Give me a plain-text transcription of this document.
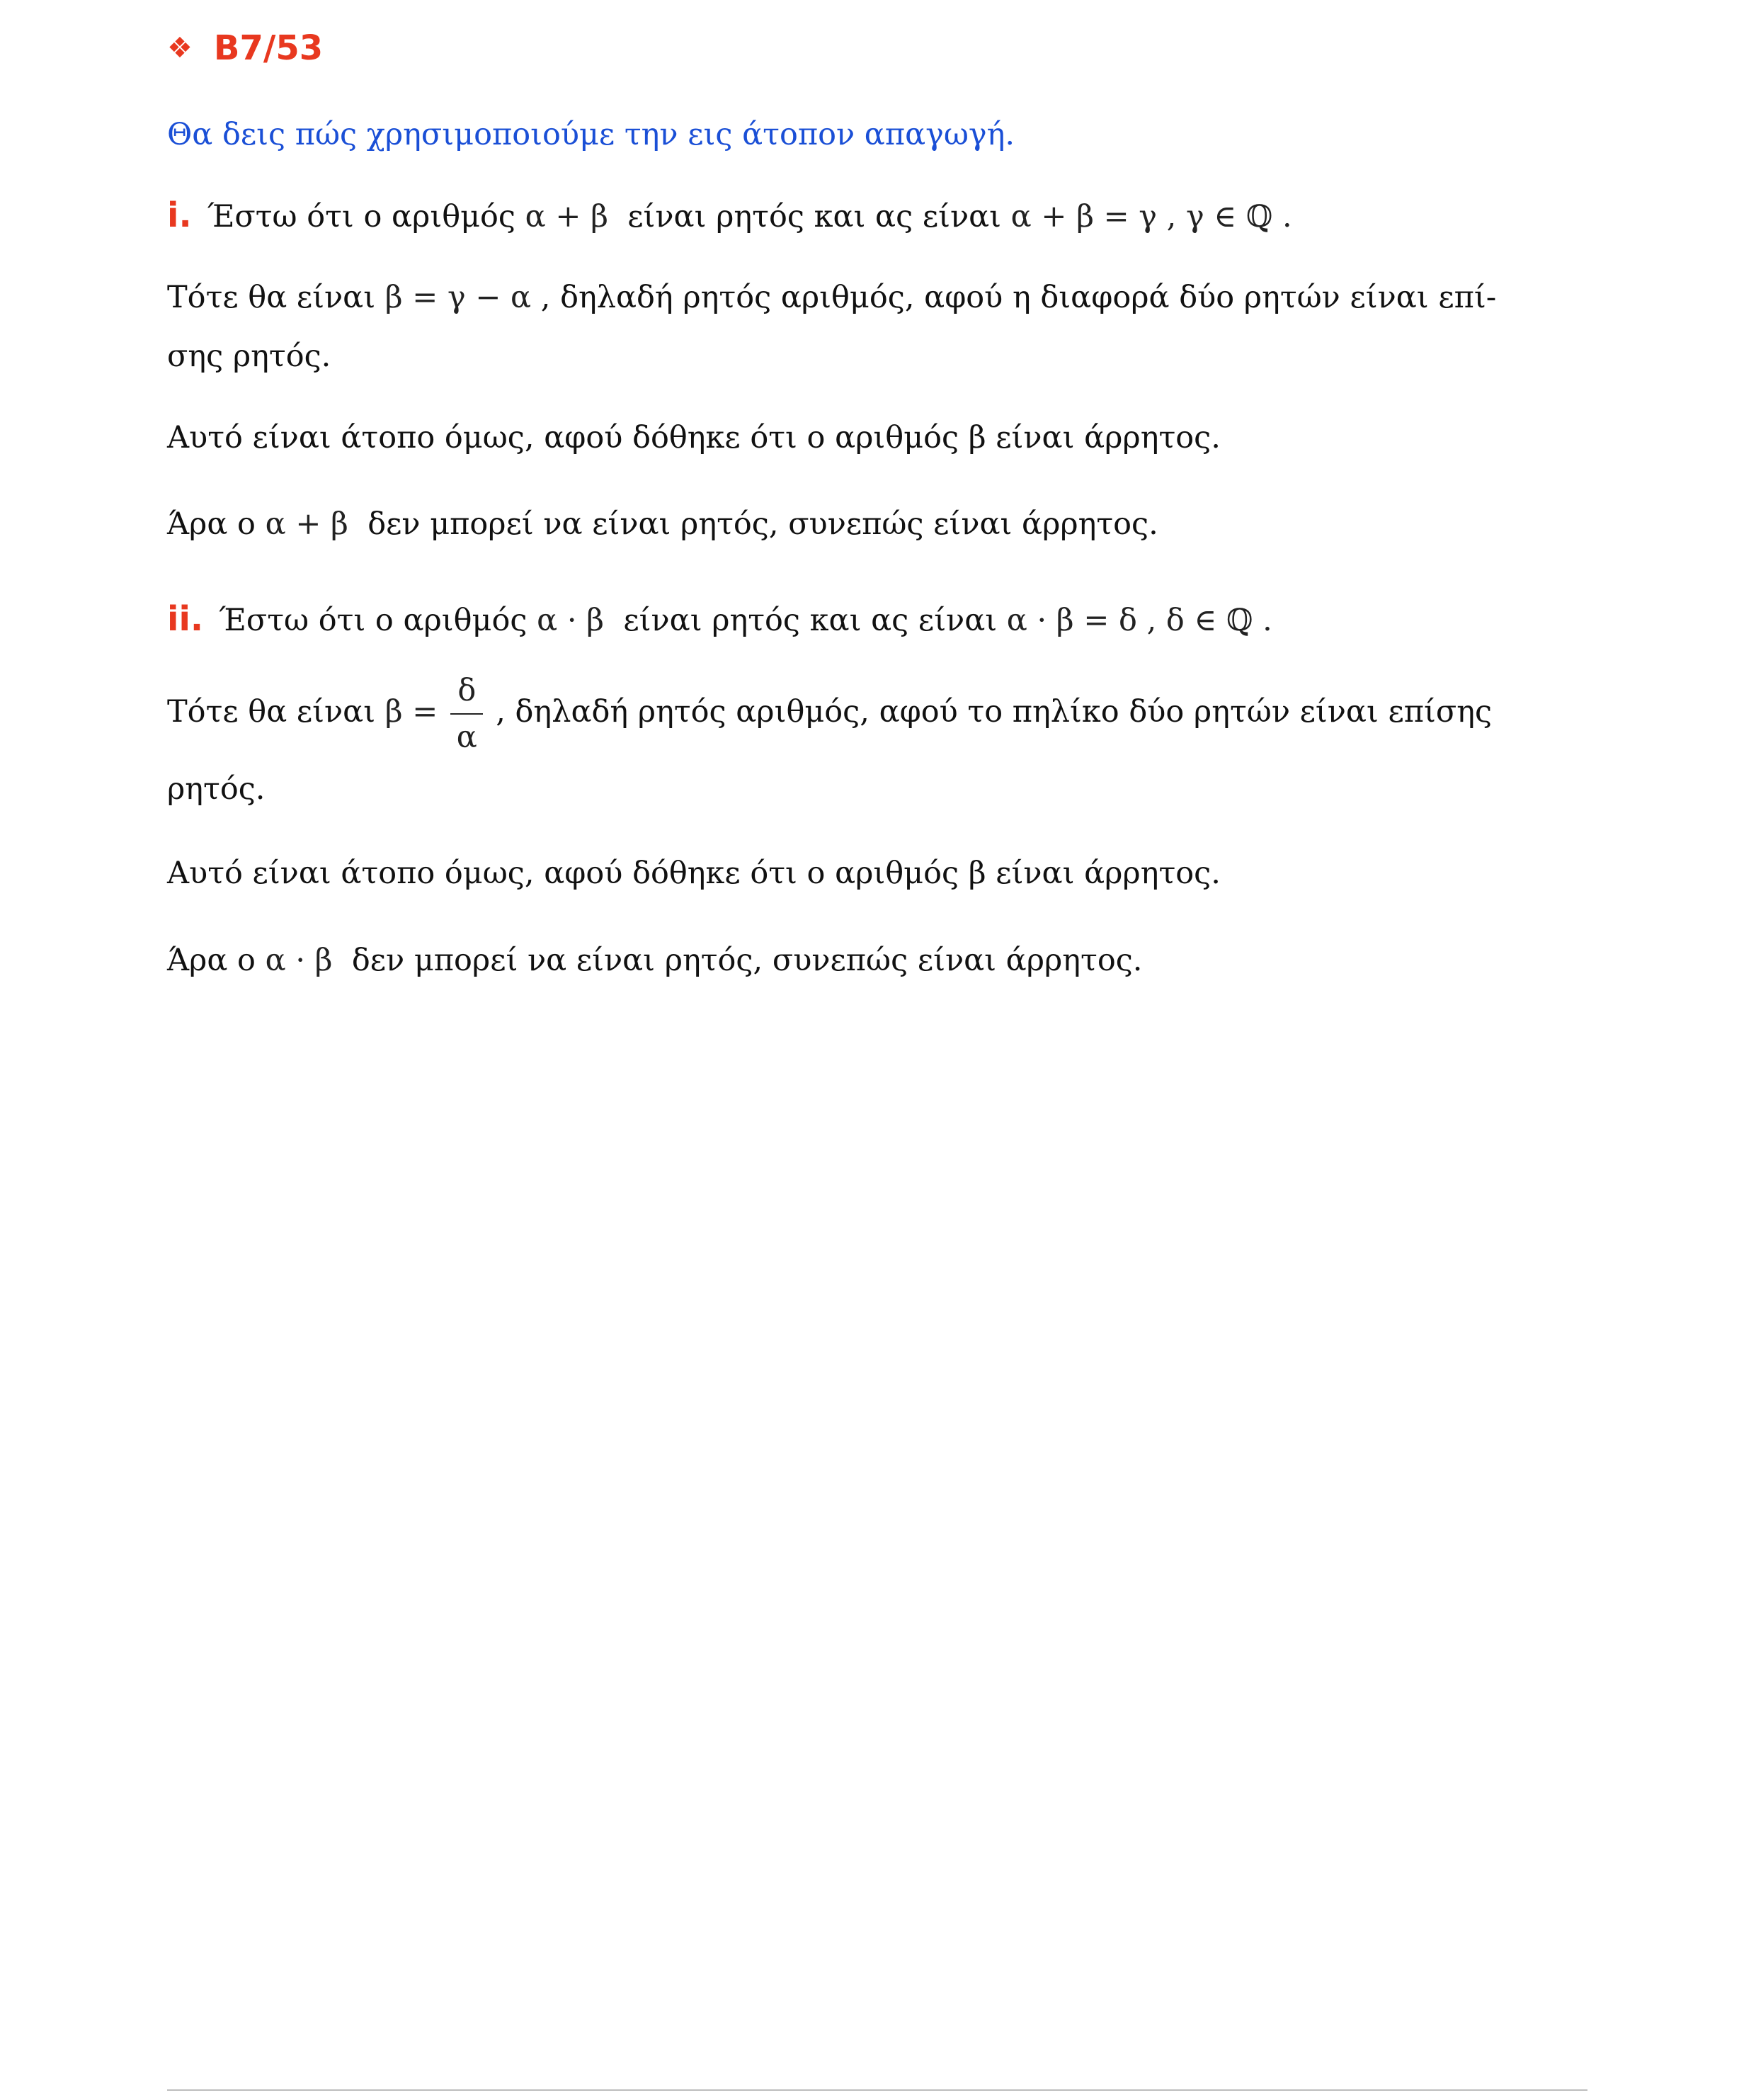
❖ B7/53
Θα δεις πώς χρησιμοποιούμε την εις άτοπον απαγωγή.
i. Έστω ότι ο αριθμός α + β είναι ρητός και ας είναι α + β = γ , γ ∈ ℚ .
Τότε θα είναι β = γ − α , δηλαδή ρητός αριθμός, αφού η διαφορά δύο ρητών είναι επί-
σης ρητός.
Αυτό είναι άτοπο όμως, αφού δόθηκε ότι ο αριθμός β είναι άρρητος.
Άρα ο α + β δεν μπορεί να είναι ρητός, συνεπώς είναι άρρητος.
ii. Έστω ότι ο αριθμός α · β είναι ρητός και ας είναι α · β = δ , δ ∈ ℚ .
Τότε θα είναι $\beta = \frac{\delta}{\alpha}$ , δηλαδή ρητός αριθμός, αφού το πηλίκο δύο ρητών είναι επίσης
ρητός.
Αυτό είναι άτοπο όμως, αφού δόθηκε ότι ο αριθμός β είναι άρρητος.
Άρα ο α · β δεν μπορεί να είναι ρητός, συνεπώς είναι άρρητος.
